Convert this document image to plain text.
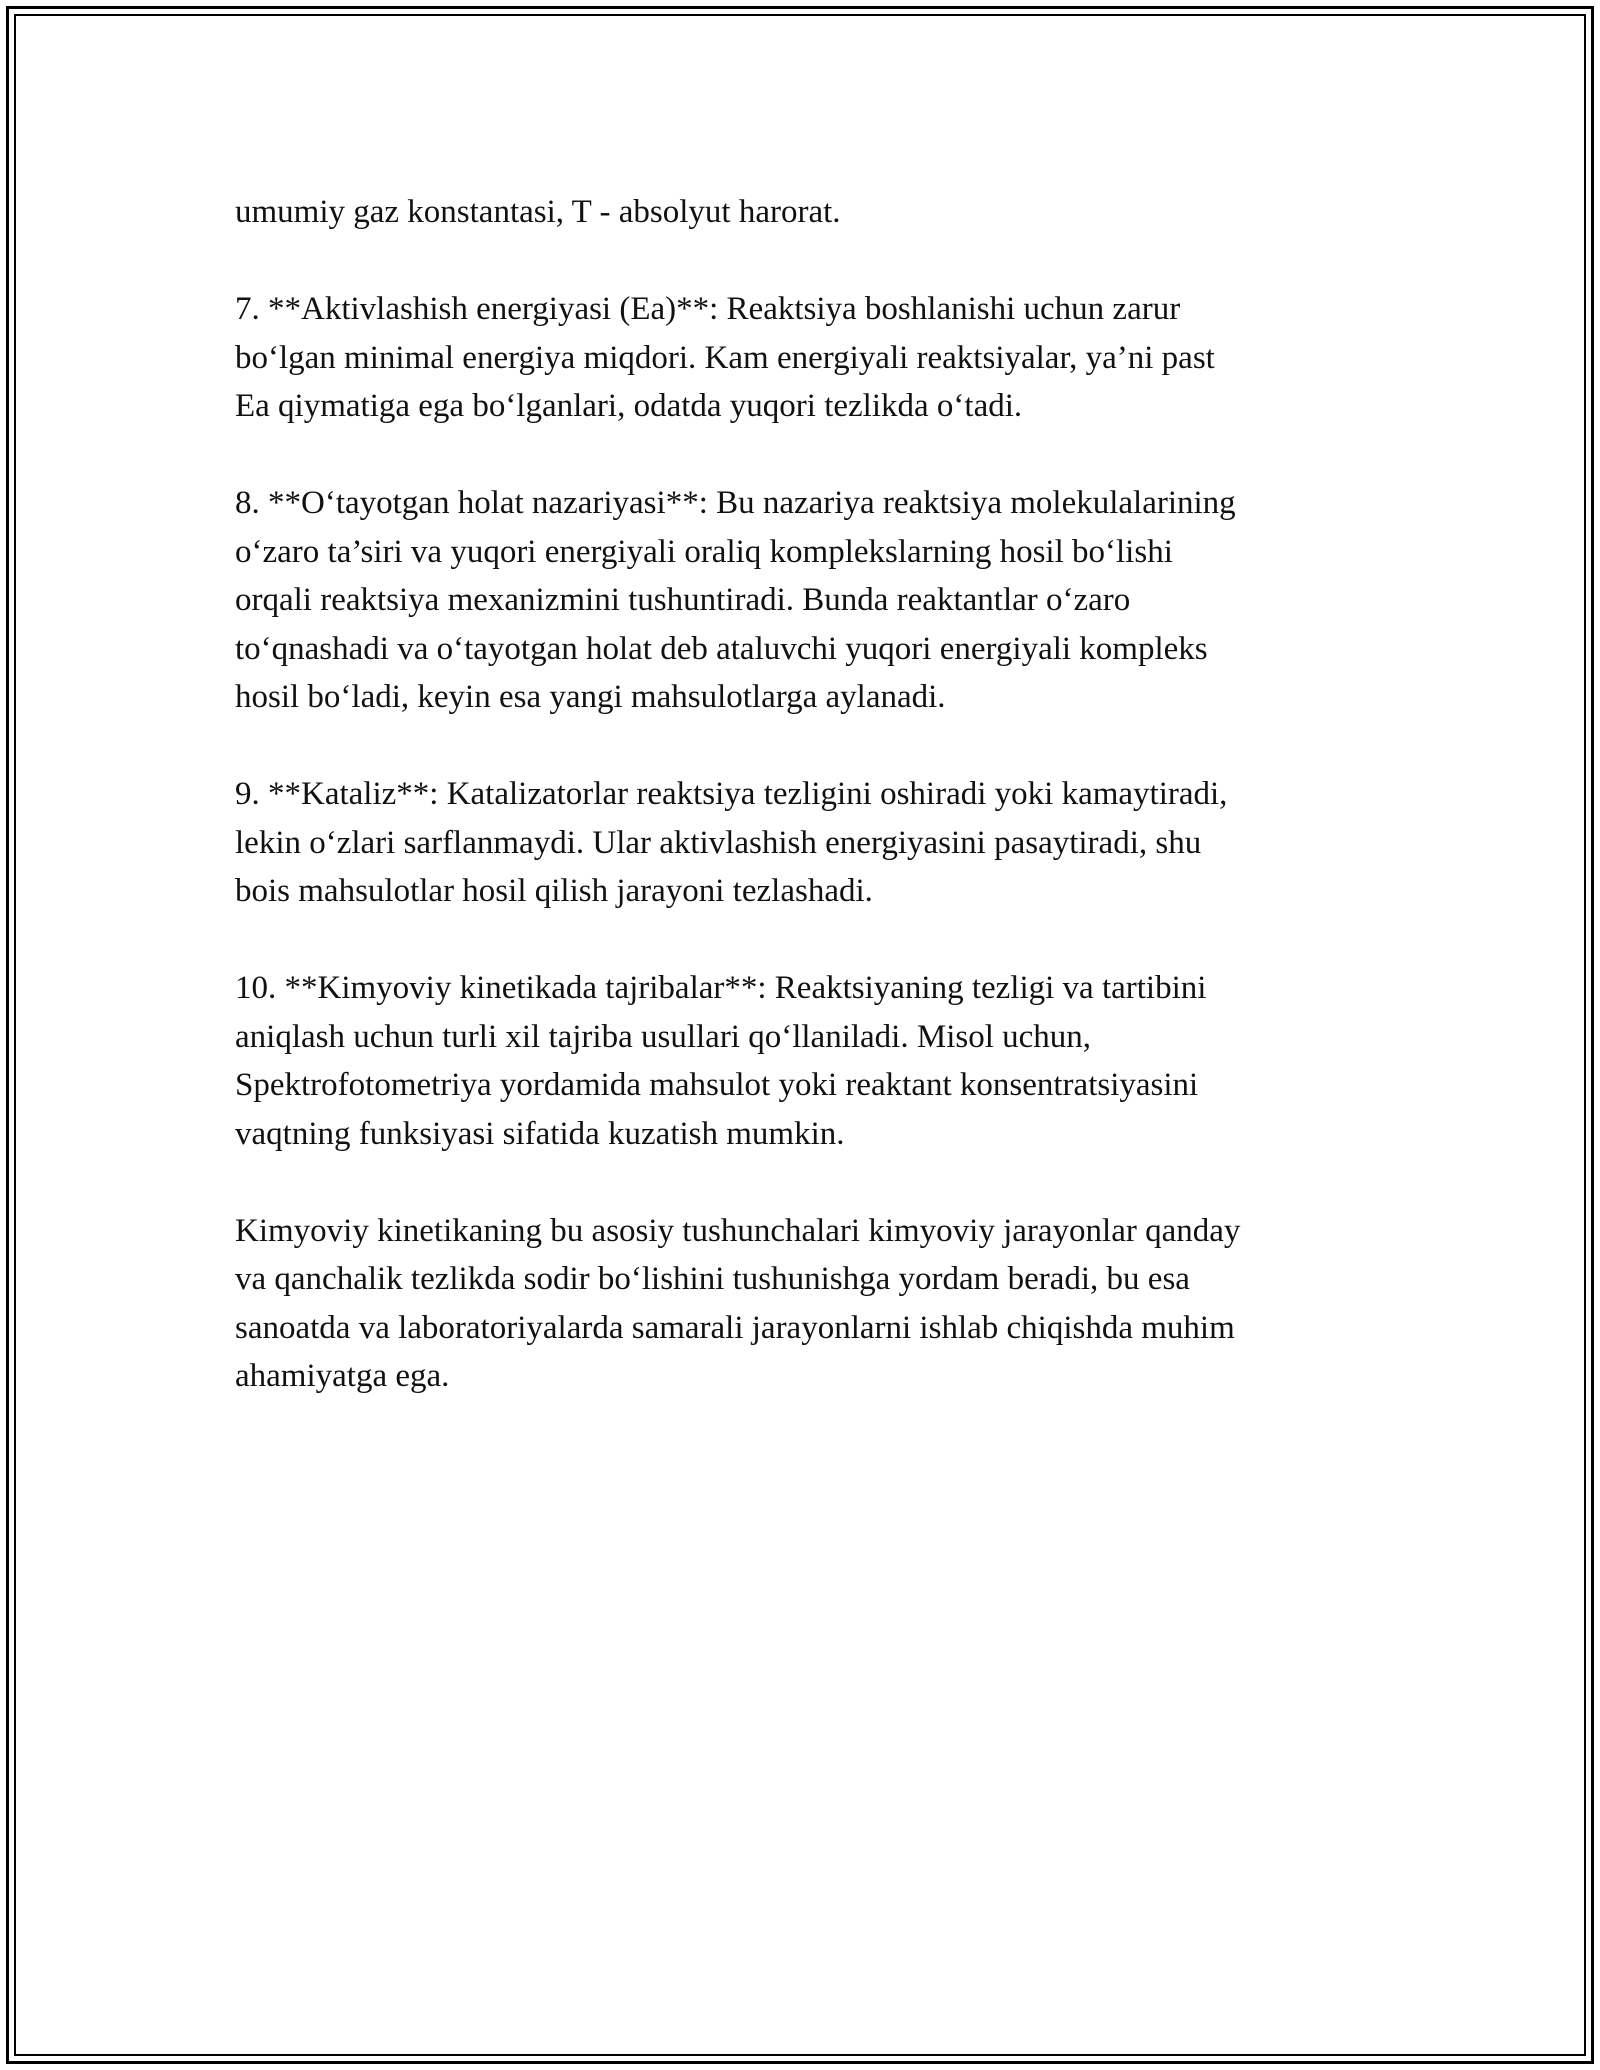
umumiy gaz konstantasi, T - absolyut harorat.

7. **Aktivlashish energiyasi (Ea)**: Reaktsiya boshlanishi uchun zarur
bo‘lgan minimal energiya miqdori. Kam energiyali reaktsiyalar, ya’ni past
Ea qiymatiga ega bo‘lganlari, odatda yuqori tezlikda o‘tadi.

8. **O‘tayotgan holat nazariyasi**: Bu nazariya reaktsiya molekulalarining
o‘zaro ta’siri va yuqori energiyali oraliq komplekslarning hosil bo‘lishi
orqali reaktsiya mexanizmini tushuntiradi. Bunda reaktantlar o‘zaro
to‘qnashadi va o‘tayotgan holat deb ataluvchi yuqori energiyali kompleks
hosil bo‘ladi, keyin esa yangi mahsulotlarga aylanadi.

9. **Kataliz**: Katalizatorlar reaktsiya tezligini oshiradi yoki kamaytiradi,
lekin o‘zlari sarflanmaydi. Ular aktivlashish energiyasini pasaytiradi, shu
bois mahsulotlar hosil qilish jarayoni tezlashadi.

10. **Kimyoviy kinetikada tajribalar**: Reaktsiyaning tezligi va tartibini
aniqlash uchun turli xil tajriba usullari qo‘llaniladi. Misol uchun,
Spektrofotometriya yordamida mahsulot yoki reaktant konsentratsiyasini
vaqtning funksiyasi sifatida kuzatish mumkin.

Kimyoviy kinetikaning bu asosiy tushunchalari kimyoviy jarayonlar qanday
va qanchalik tezlikda sodir bo‘lishini tushunishga yordam beradi, bu esa
sanoatda va laboratoriyalarda samarali jarayonlarni ishlab chiqishda muhim
ahamiyatga ega.
